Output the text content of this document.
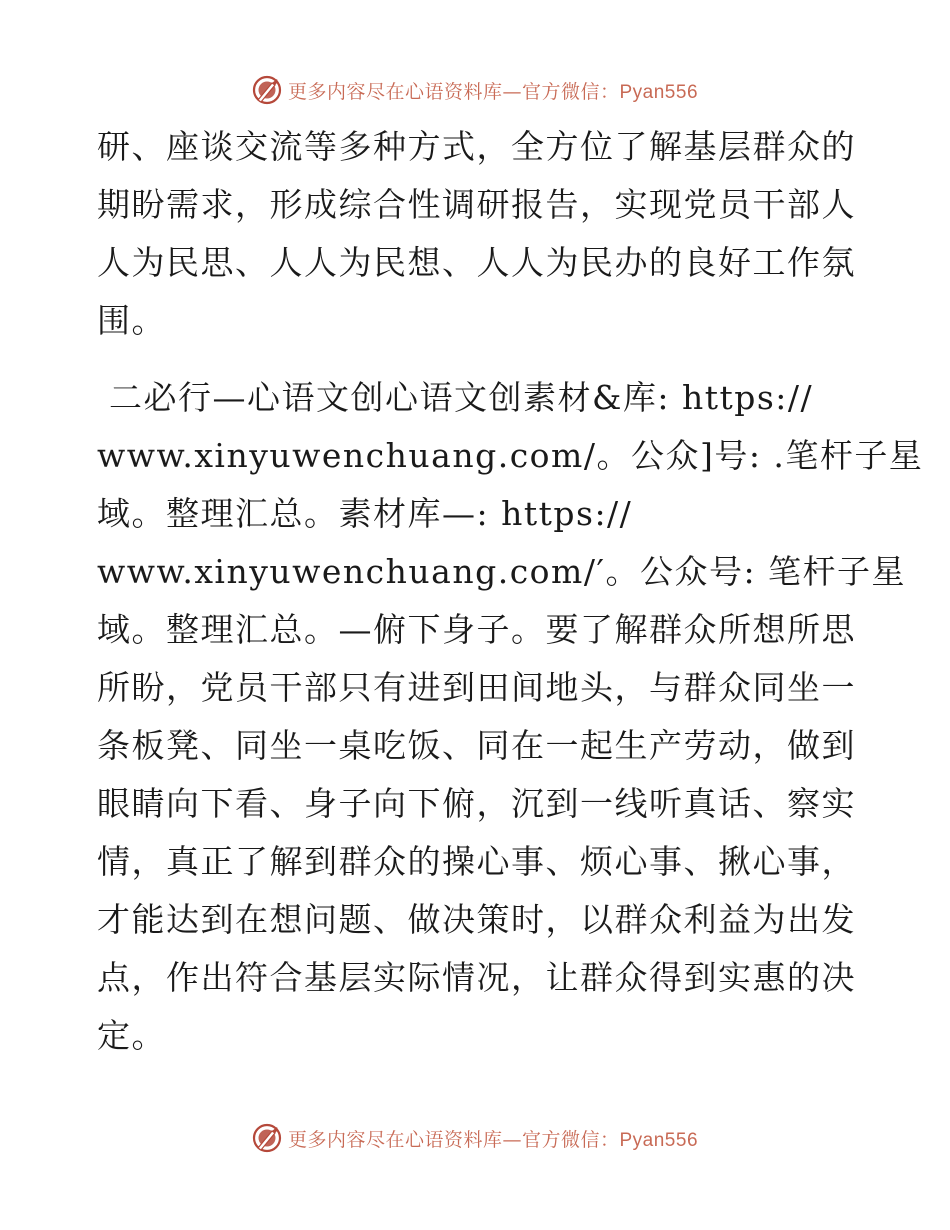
更多内容尽在心语资料库—官方微信：Pyan556
研、座谈交流等多种方式，全方位了解基层群众的
期盼需求，形成综合性调研报告，实现党员干部人
人为民思、人人为民想、人人为民办的良好工作氛
围。
二必行—心语文创心语文创素材&库: https://
www.xinyuwenchuang.com/。公众]号: .笔杆子星
域。整理汇总。素材库—: https://
www.xinyuwenchuang.com/′。公众号: 笔杆子星
域。整理汇总。—俯下身子。要了解群众所想所思
所盼，党员干部只有进到田间地头，与群众同坐一
条板凳、同坐一桌吃饭、同在一起生产劳动，做到
眼睛向下看、身子向下俯，沉到一线听真话、察实
情，真正了解到群众的操心事、烦心事、揪心事，
才能达到在想问题、做决策时，以群众利益为出发
点，作出符合基层实际情况，让群众得到实惠的决
定。
更多内容尽在心语资料库—官方微信：Pyan556
